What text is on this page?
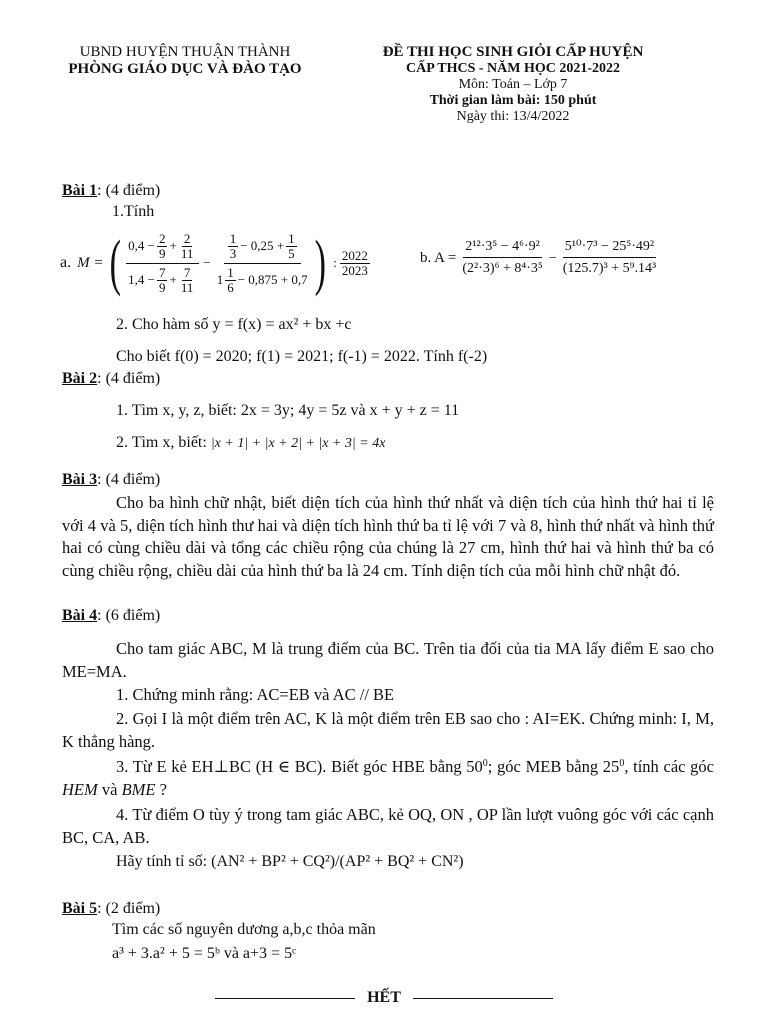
UBND HUYỆN THUẬN THÀNH
PHÒNG GIÁO DỤC VÀ ĐÀO TẠO
ĐỀ THI HỌC SINH GIỎI CẤP HUYỆN
CẤP THCS - NĂM HỌC 2021-2022
Môn: Toán – Lớp 7
Thời gian làm bài: 150 phút
Ngày thi: 13/4/2022
Bài 1: (4 điểm)
1.Tính
a. M = ( $\frac{0,4 - \frac{2}{9} + \frac{2}{11}}{1,4 - \frac{7}{9} + \frac{7}{11}} - \frac{\frac{1}{3} - 0,25 + \frac{1}{5}}{1 \frac{1}{6} - 0,875 + 0,7}$ ) : $\frac{2022}{2023}$	b. $A = \frac{\text{2¹²·3⁵ − 4⁶·9²}}{\text{(2²·3)⁶ + 8⁴·3⁵}} - \frac{\text{5¹⁰·7³ − 25⁵·49²}}{\text{(125.7)³ + 5⁹.14³}}$
2. Cho hàm số y = f(x) = ax² + bx +c
Cho biết f(0) = 2020; f(1) = 2021; f(-1) = 2022. Tính f(-2)
Bài 2: (4 điểm)
1. Tìm x, y, z, biết: 2x = 3y; 4y = 5z và x + y + z = 11
2. Tìm x, biết: |x + 1| + |x + 2| + |x + 3| = 4x
Bài 3: (4 điểm)
Cho ba hình chữ nhật, biết diện tích của hình thứ nhất và diện tích của hình thứ hai tỉ lệ với 4 và 5, diện tích hình thư hai và diện tích hình thứ ba tỉ lệ với 7 và 8, hình thứ nhất và hình thứ hai có cùng chiều dài và tổng các chiều rộng của chúng là 27 cm, hình thứ hai và hình thứ ba có cùng chiều rộng, chiều dài của hình thứ ba là 24 cm. Tính diện tích của mỗi hình chữ nhật đó.
Bài 4: (6 điểm)
Cho tam giác ABC, M là trung điểm của BC. Trên tia đối của tia MA lấy điểm E sao cho ME=MA.
1. Chứng minh rằng: AC=EB và AC // BE
2. Gọi I là một điểm trên AC, K là một điểm trên EB sao cho : AI=EK. Chứng minh: I, M, K thẳng hàng.
3. Từ E kẻ EH⊥BC (H ∈ BC). Biết góc HBE bằng $50^0$; góc MEB bằng $25^0$, tính các góc HEM và BME ?
4. Từ điểm O tùy ý trong tam giác ABC, kẻ OQ, ON , OP lần lượt vuông góc với các cạnh BC, CA, AB.
Hãy tính tỉ số: (AN² + BP² + CQ²)/(AP² + BQ² + CN²)
Bài 5: (2 điểm)
Tìm các số nguyên dương a,b,c thỏa mãn
a³ + 3.a² + 5 = 5ᵇ và a+3 = 5ᶜ
HẾT
